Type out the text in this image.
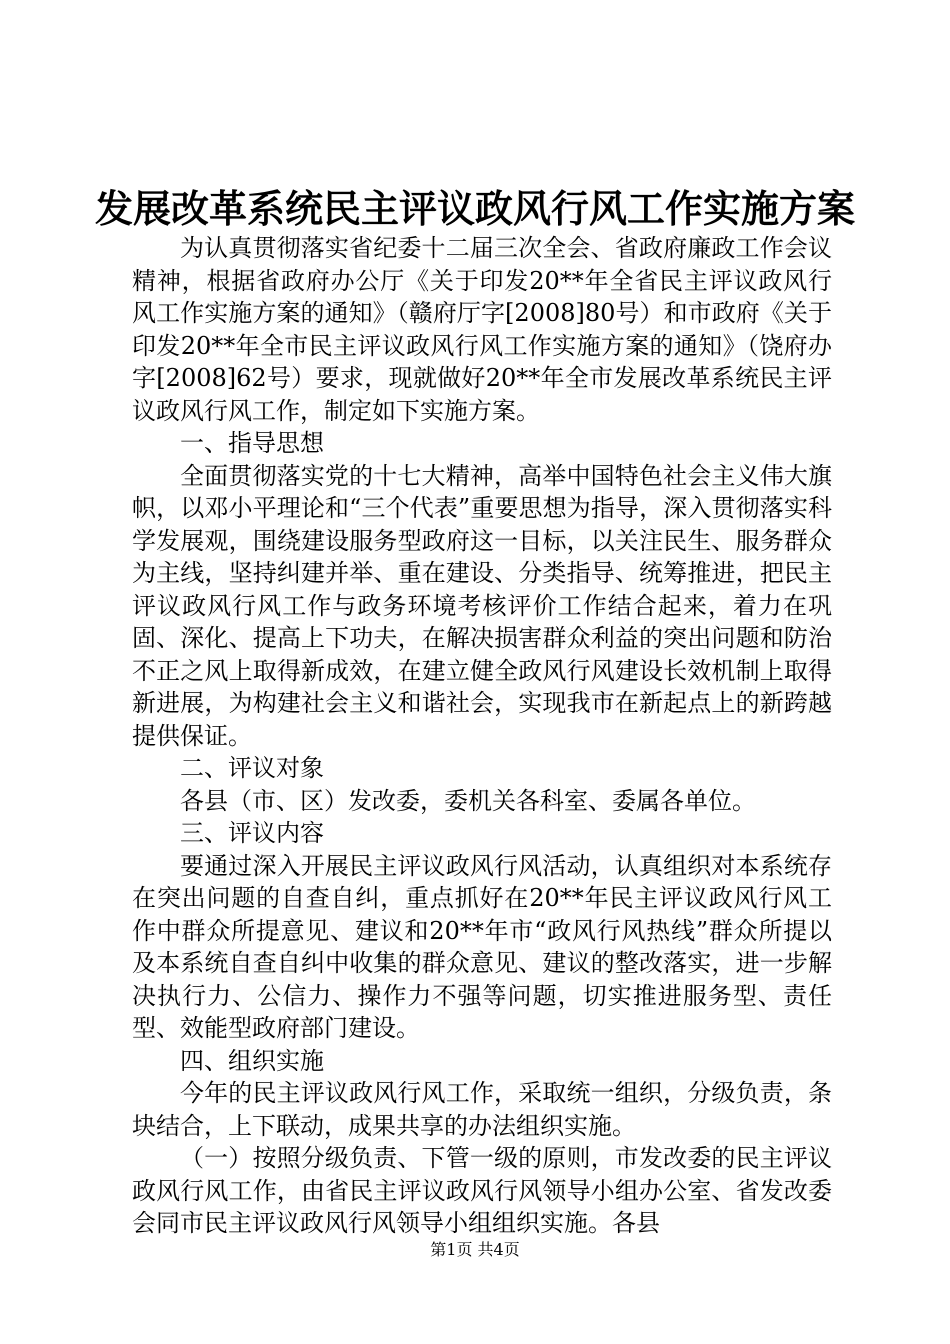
发展改革系统民主评议政风行风工作实施方案

为认真贯彻落实省纪委十二届三次全会、省政府廉政工作会议精神，根据省政府办公厅《关于印发20**年全省民主评议政风行风工作实施方案的通知》（赣府厅字[2008]80号）和市政府《关于印发20**年全市民主评议政风行风工作实施方案的通知》（饶府办字[2008]62号）要求，现就做好20**年全市发展改革系统民主评议政风行风工作，制定如下实施方案。

一、指导思想

全面贯彻落实党的十七大精神，高举中国特色社会主义伟大旗帜，以邓小平理论和“三个代表”重要思想为指导，深入贯彻落实科学发展观，围绕建设服务型政府这一目标，以关注民生、服务群众为主线，坚持纠建并举、重在建设、分类指导、统筹推进，把民主评议政风行风工作与政务环境考核评价工作结合起来，着力在巩固、深化、提高上下功夫，在解决损害群众利益的突出问题和防治不正之风上取得新成效，在建立健全政风行风建设长效机制上取得新进展，为构建社会主义和谐社会，实现我市在新起点上的新跨越提供保证。

二、评议对象

各县（市、区）发改委，委机关各科室、委属各单位。

三、评议内容

要通过深入开展民主评议政风行风活动，认真组织对本系统存在突出问题的自查自纠，重点抓好在20**年民主评议政风行风工作中群众所提意见、建议和20**年市“政风行风热线”群众所提以及本系统自查自纠中收集的群众意见、建议的整改落实，进一步解决执行力、公信力、操作力不强等问题，切实推进服务型、责任型、效能型政府部门建设。

四、组织实施

今年的民主评议政风行风工作，采取统一组织，分级负责，条块结合，上下联动，成果共享的办法组织实施。

（一）按照分级负责、下管一级的原则，市发改委的民主评议政风行风工作，由省民主评议政风行风领导小组办公室、省发改委会同市民主评议政风行风领导小组组织实施。各县

第1页 共4页
